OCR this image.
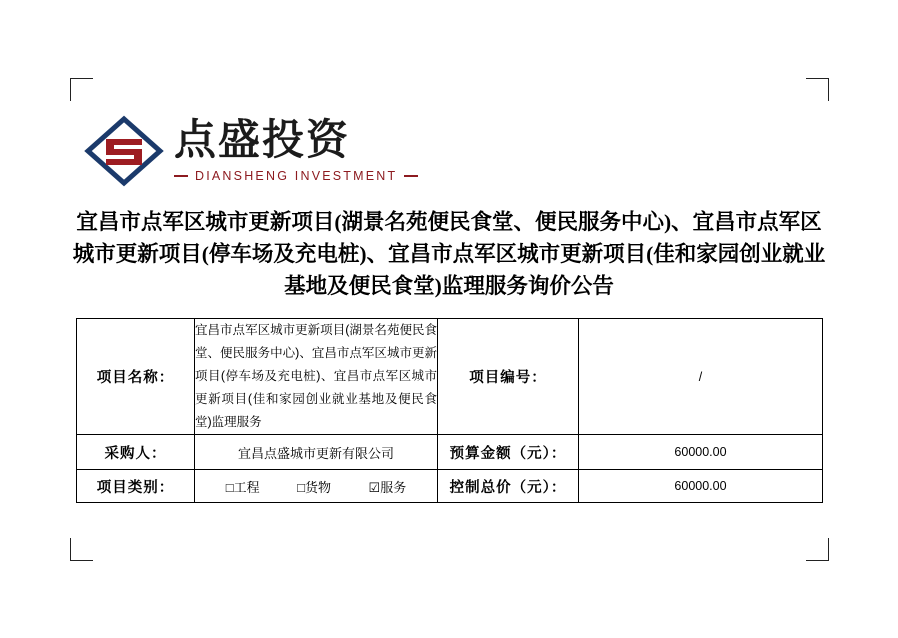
点盛投资
DIANSHENG INVESTMENT
宜昌市点军区城市更新项目(湖景名苑便民食堂、便民服务中心)、宜昌市点军区城市更新项目(停车场及充电桩)、宜昌市点军区城市更新项目(佳和家园创业就业基地及便民食堂)监理服务询价公告
项目名称：	宜昌市点军区城市更新项目(湖景名苑便民食堂、便民服务中心)、宜昌市点军区城市更新项目(停车场及充电桩)、宜昌市点军区城市更新项目(佳和家园创业就业基地及便民食堂)监理服务	项目编号：	/
采购人：	宜昌点盛城市更新有限公司	预算金额（元）：	60000.00
项目类别：	□工程 □货物 ☑服务	控制总价（元）：	60000.00
